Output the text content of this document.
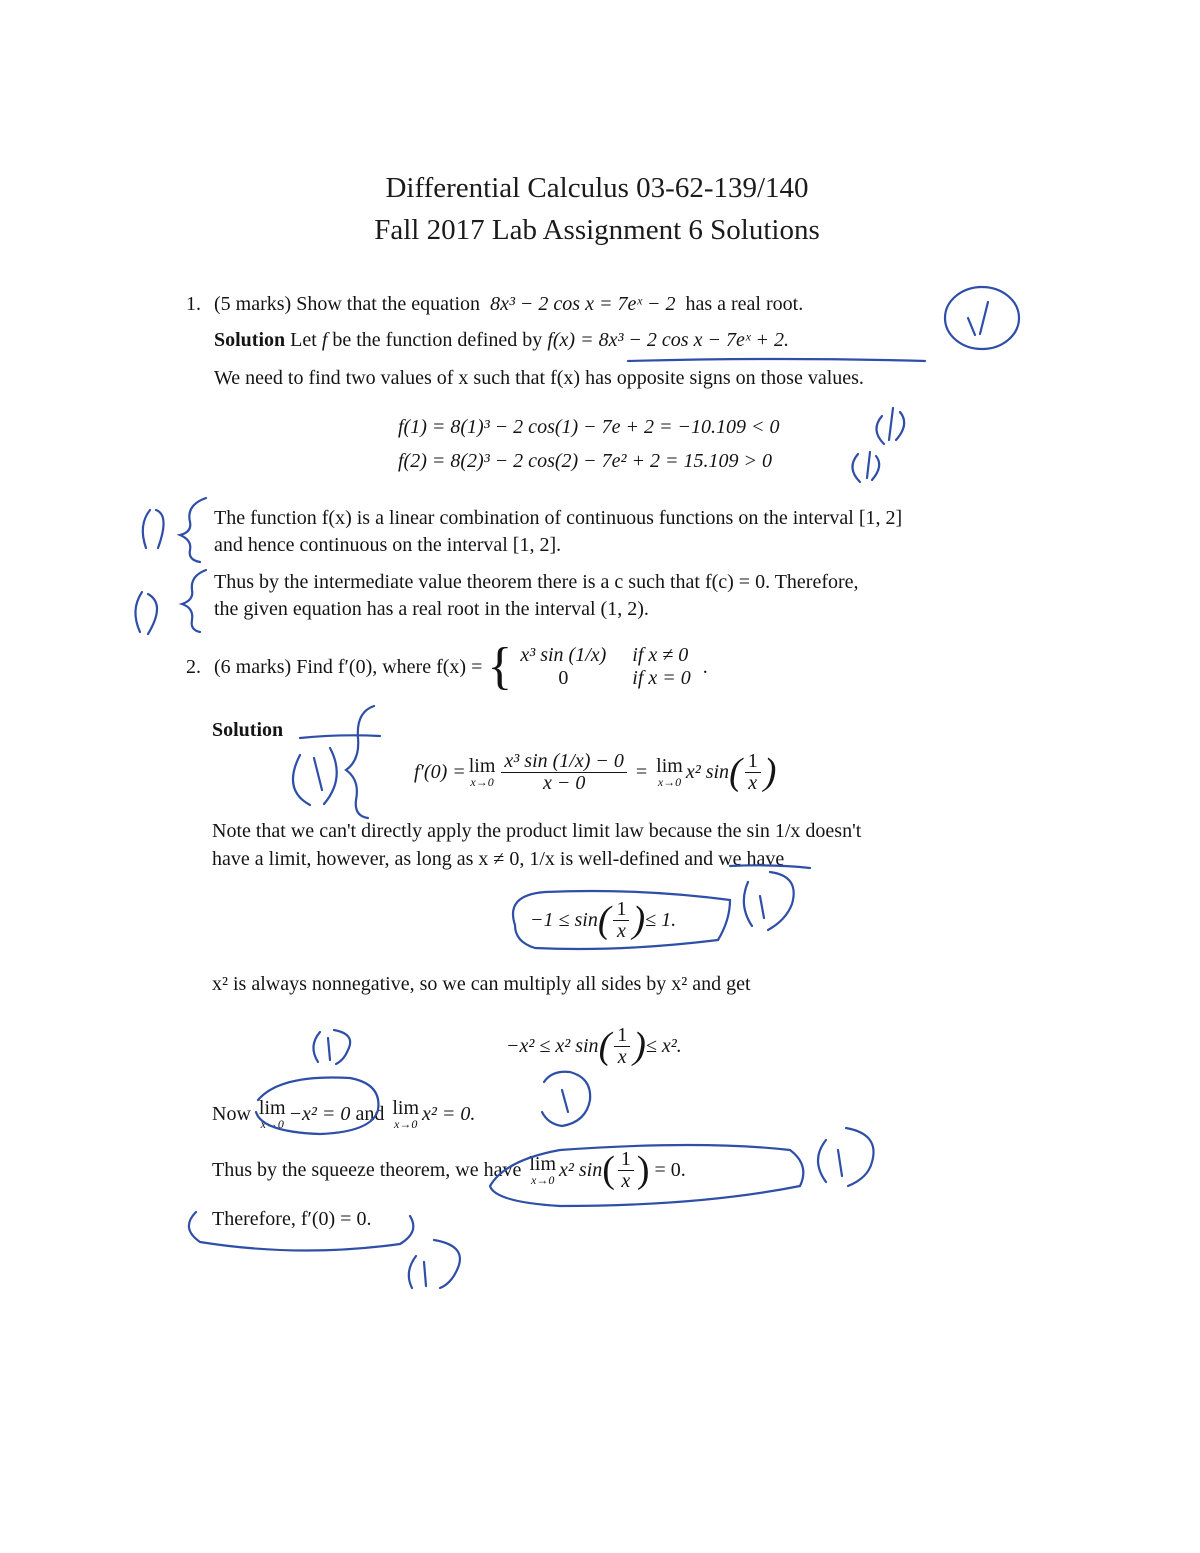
Differential Calculus 03-62-139/140
Fall 2017 Lab Assignment 6 Solutions
1. (5 marks) Show that the equation 8x³ − 2 cos x = 7eˣ − 2 has a real root.
Solution Let f be the function defined by f(x) = 8x³ − 2 cos x − 7eˣ + 2.
We need to find two values of x such that f(x) has opposite signs on those values.
f(1) = 8(1)³ − 2 cos(1) − 7e + 2 = −10.109 < 0
f(2) = 8(2)³ − 2 cos(2) − 7e² + 2 = 15.109 > 0
The function f(x) is a linear combination of continuous functions on the interval [1, 2]
and hence continuous on the interval [1, 2].
Thus by the intermediate value theorem there is a c such that f(c) = 0. Therefore,
the given equation has a real root in the interval (1, 2).
2. (6 marks)
Find f′(0), where f(x) =
{ x³ sin (1/x) if x ≠ 0
0	if x = 0
.
Solution
f′(0) = lim
$x\to 0 \frac{\text{x³ sin (1/x) − 0}}{x - 0} = \lim$
x→0 x² sin ( $\frac{1}{x}$ )
Note that we can't directly apply the product limit law because the sin 1/x doesn't
have a limit, however, as long as x ≠ 0, 1/x is well-defined and we have
−1 ≤ sin ( $\frac{1}{x}$ ) ≤ 1.
x² is always nonnegative, so we can multiply all sides by x² and get
−x² ≤ x² sin ( $\frac{1}{x}$ ) ≤ x².
Now
lim
x→0 −x² = 0
and
lim
x→0 x² = 0.
Thus by the squeeze theorem, we have
lim
x→0 x² sin ( $\frac{1}{x}$ )
= 0.
Therefore, f′(0) = 0.
